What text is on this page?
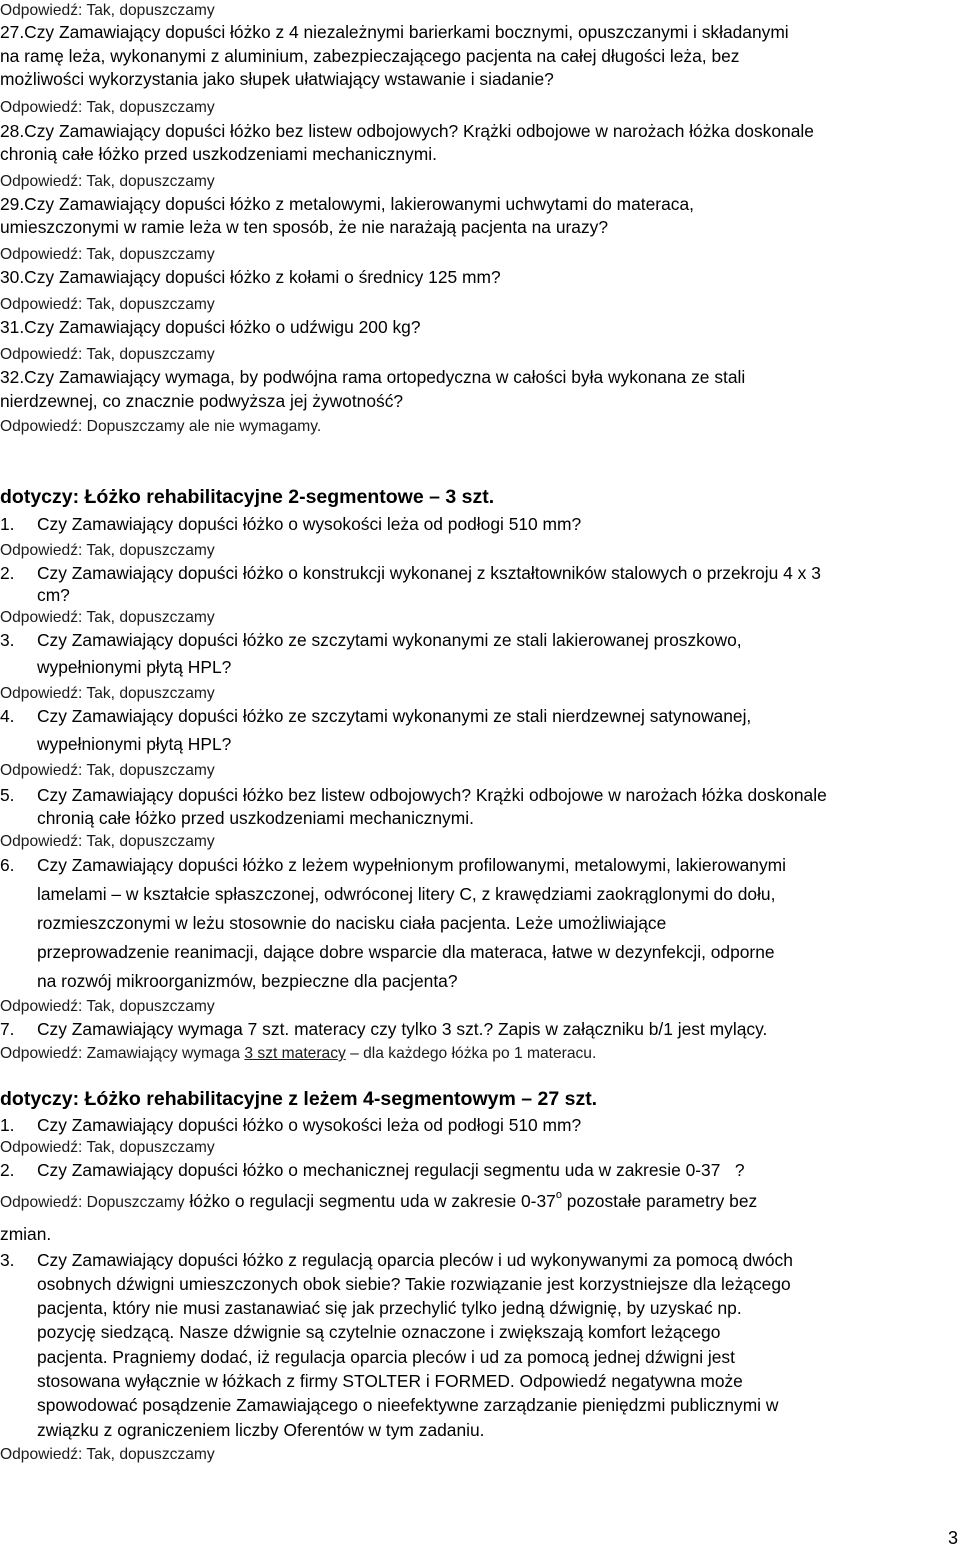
Odpowiedź: Tak, dopuszczamy
27.Czy Zamawiający dopuści łóżko z 4 niezależnymi barierkami bocznymi, opuszczanymi i składanymi
na ramę leża, wykonanymi z aluminium, zabezpieczającego pacjenta na całej długości leża, bez
możliwości wykorzystania jako słupek ułatwiający wstawanie i siadanie?
Odpowiedź: Tak, dopuszczamy
28.Czy Zamawiający dopuści łóżko bez listew odbojowych? Krążki odbojowe w narożach łóżka doskonale
chronią całe łóżko przed uszkodzeniami mechanicznymi.
Odpowiedź: Tak, dopuszczamy
29.Czy Zamawiający dopuści łóżko z metalowymi, lakierowanymi uchwytami do materaca,
umieszczonymi w ramie leża w ten sposób, że nie narażają pacjenta na urazy?
Odpowiedź: Tak, dopuszczamy
30.Czy Zamawiający dopuści łóżko z kołami o średnicy 125 mm?
Odpowiedź: Tak, dopuszczamy
31.Czy Zamawiający dopuści łóżko o udźwigu 200 kg?
Odpowiedź: Tak, dopuszczamy
32.Czy Zamawiający wymaga, by podwójna rama ortopedyczna w całości była wykonana ze stali
nierdzewnej, co znacznie podwyższa jej żywotność?
Odpowiedź: Dopuszczamy ale nie wymagamy.
dotyczy: Łóżko rehabilitacyjne 2-segmentowe – 3 szt.
1. Czy Zamawiający dopuści łóżko o wysokości leża od podłogi 510 mm?
Odpowiedź: Tak, dopuszczamy
2. Czy Zamawiający dopuści łóżko o konstrukcji wykonanej z kształtowników stalowych o przekroju 4 x 3
cm?
Odpowiedź: Tak, dopuszczamy
3. Czy Zamawiający dopuści łóżko ze szczytami wykonanymi ze stali lakierowanej proszkowo,
wypełnionymi płytą HPL?
Odpowiedź: Tak, dopuszczamy
4. Czy Zamawiający dopuści łóżko ze szczytami wykonanymi ze stali nierdzewnej satynowanej,
wypełnionymi płytą HPL?
Odpowiedź: Tak, dopuszczamy
5. Czy Zamawiający dopuści łóżko bez listew odbojowych? Krążki odbojowe w narożach łóżka doskonale
chronią całe łóżko przed uszkodzeniami mechanicznymi.
Odpowiedź: Tak, dopuszczamy
6. Czy Zamawiający dopuści łóżko z leżem wypełnionym profilowanymi, metalowymi, lakierowanymi
lamelami – w kształcie spłaszczonej, odwróconej litery C, z krawędziami zaokrąglonymi do dołu,
rozmieszczonymi w leżu stosownie do nacisku ciała pacjenta. Leże umożliwiające
przeprowadzenie reanimacji, dające dobre wsparcie dla materaca, łatwe w dezynfekcji, odporne
na rozwój mikroorganizmów, bezpieczne dla pacjenta?
Odpowiedź: Tak, dopuszczamy
7. Czy Zamawiający wymaga 7 szt. materacy czy tylko 3 szt.? Zapis w załączniku b/1 jest mylący.
Odpowiedź: Zamawiający wymaga 3 szt materacy – dla każdego łóżka po 1 materacu.
dotyczy: Łóżko rehabilitacyjne z leżem 4-segmentowym – 27 szt.
1. Czy Zamawiający dopuści łóżko o wysokości leża od podłogi 510 mm?
Odpowiedź: Tak, dopuszczamy
2. Czy Zamawiający dopuści łóżko o mechanicznej regulacji segmentu uda w zakresie 0-37   ?
Odpowiedź: Dopuszczamy łóżko o regulacji segmentu uda w zakresie 0-37$^o$ pozostałe parametry bez
zmian.
3. Czy Zamawiający dopuści łóżko z regulacją oparcia pleców i ud wykonywanymi za pomocą dwóch
osobnych dźwigni umieszczonych obok siebie? Takie rozwiązanie jest korzystniejsze dla leżącego
pacjenta, który nie musi zastanawiać się jak przechylić tylko jedną dźwignię, by uzyskać np.
pozycję siedzącą. Nasze dźwignie są czytelnie oznaczone i zwiększają komfort leżącego
pacjenta. Pragniemy dodać, iż regulacja oparcia pleców i ud za pomocą jednej dźwigni jest
stosowana wyłącznie w łóżkach z firmy STOLTER i FORMED. Odpowiedź negatywna może
spowodować posądzenie Zamawiającego o nieefektywne zarządzanie pieniędzmi publicznymi w
związku z ograniczeniem liczby Oferentów w tym zadaniu.
Odpowiedź: Tak, dopuszczamy
3
